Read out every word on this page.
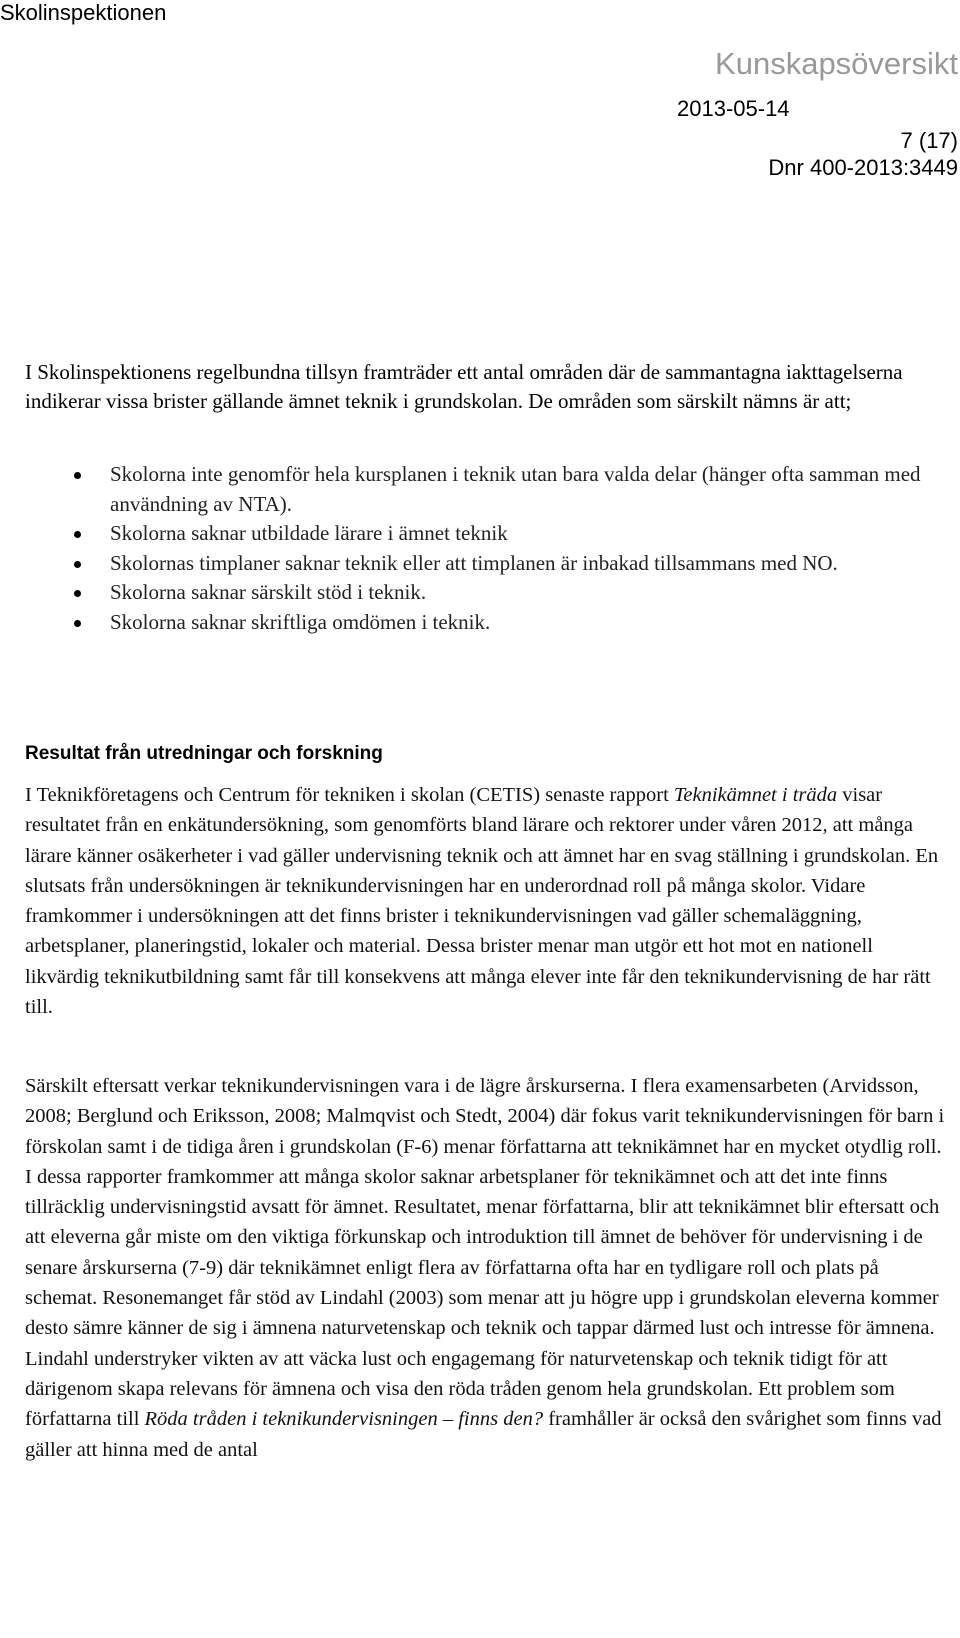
Skolinspektionen
Kunskapsöversikt
2013-05-14
7 (17)
Dnr 400-2013:3449

I Skolinspektionens regelbundna tillsyn framträder ett antal områden där de sammantagna iakttagelserna indikerar vissa brister gällande ämnet teknik i grundskolan. De områden som särskilt nämns är att;

Skolorna inte genomför hela kursplanen i teknik utan bara valda delar (hänger ofta samman med användning av NTA).
Skolorna saknar utbildade lärare i ämnet teknik
Skolornas timplaner saknar teknik eller att timplanen är inbakad tillsammans med NO.
Skolorna saknar särskilt stöd i teknik.
Skolorna saknar skriftliga omdömen i teknik.
Resultat från utredningar och forskning

I Teknikföretagens och Centrum för tekniken i skolan (CETIS) senaste rapport Teknikämnet i träda visar resultatet från en enkätundersökning, som genomförts bland lärare och rektorer under våren 2012, att många lärare känner osäkerheter i vad gäller undervisning teknik och att ämnet har en svag ställning i grundskolan. En slutsats från undersökningen är teknikundervisningen har en underordnad roll på många skolor. Vidare framkommer i undersökningen att det finns brister i teknikundervisningen vad gäller schemaläggning, arbetsplaner, planeringstid, lokaler och material. Dessa brister menar man utgör ett hot mot en nationell likvärdig teknikutbildning samt får till konsekvens att många elever inte får den teknikundervisning de har rätt till.

Särskilt eftersatt verkar teknikundervisningen vara i de lägre årskurserna. I flera examensarbeten (Arvidsson, 2008; Berglund och Eriksson, 2008; Malmqvist och Stedt, 2004) där fokus varit teknikundervisningen för barn i förskolan samt i de tidiga åren i grundskolan (F-6) menar författarna att teknikämnet har en mycket otydlig roll. I dessa rapporter framkommer att många skolor saknar arbetsplaner för teknikämnet och att det inte finns tillräcklig undervisningstid avsatt för ämnet. Resultatet, menar författarna, blir att teknikämnet blir eftersatt och att eleverna går miste om den viktiga förkunskap och introduktion till ämnet de behöver för undervisning i de senare årskurserna (7-9) där teknikämnet enligt flera av författarna ofta har en tydligare roll och plats på schemat. Resonemanget får stöd av Lindahl (2003) som menar att ju högre upp i grundskolan eleverna kommer desto sämre känner de sig i ämnena naturvetenskap och teknik och tappar därmed lust och intresse för ämnena. Lindahl understryker vikten av att väcka lust och engagemang för naturvetenskap och teknik tidigt för att därigenom skapa relevans för ämnena och visa den röda tråden genom hela grundskolan. Ett problem som författarna till Röda tråden i teknikundervisningen – finns den? framhåller är också den svårighet som finns vad gäller att hinna med de antal
